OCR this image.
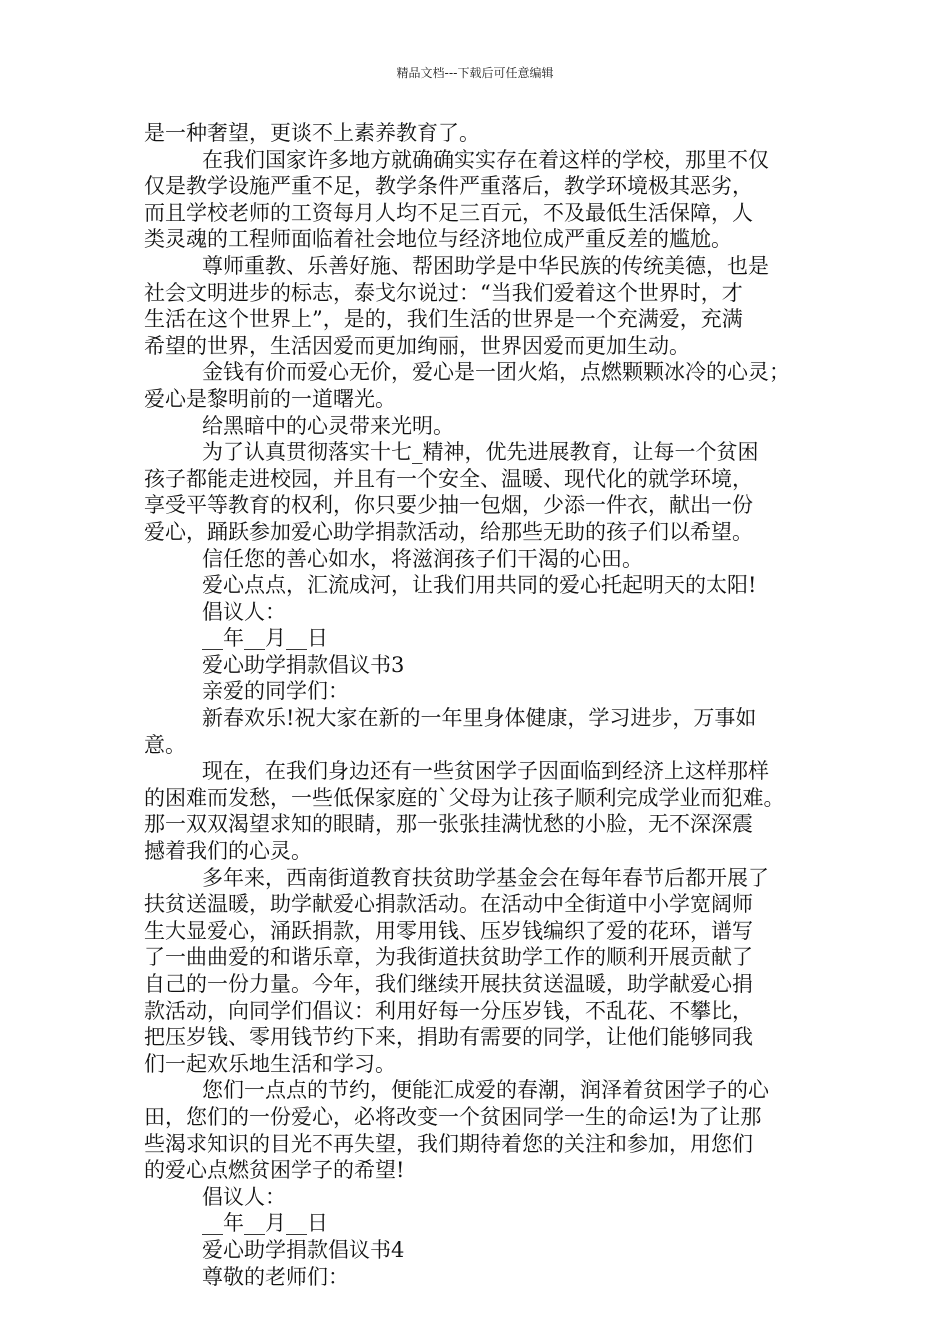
精品文档---下载后可任意编辑
是一种奢望，更谈不上素养教育了。
在我们国家许多地方就确确实实存在着这样的学校，那里不仅
仅是教学设施严重不足，教学条件严重落后，教学环境极其恶劣，
而且学校老师的工资每月人均不足三百元，不及最低生活保障，人
类灵魂的工程师面临着社会地位与经济地位成严重反差的尴尬。
尊师重教、乐善好施、帮困助学是中华民族的传统美德，也是
社会文明进步的标志，泰戈尔说过：“当我们爱着这个世界时，才
生活在这个世界上”，是的，我们生活的世界是一个充满爱，充满
希望的世界，生活因爱而更加绚丽，世界因爱而更加生动。
金钱有价而爱心无价，爱心是一团火焰，点燃颗颗冰冷的心灵；
爱心是黎明前的一道曙光。
给黑暗中的心灵带来光明。
为了认真贯彻落实十七_精神，优先进展教育，让每一个贫困
孩子都能走进校园，并且有一个安全、温暖、现代化的就学环境，
享受平等教育的权利，你只要少抽一包烟，少添一件衣，献出一份
爱心，踊跃参加爱心助学捐款活动，给那些无助的孩子们以希望。
信任您的善心如水，将滋润孩子们干渴的心田。
爱心点点，汇流成河，让我们用共同的爱心托起明天的太阳!
倡议人：
__年__月__日
爱心助学捐款倡议书3
亲爱的同学们：
新春欢乐!祝大家在新的一年里身体健康，学习进步，万事如
意。
现在，在我们身边还有一些贫困学子因面临到经济上这样那样
的困难而发愁，一些低保家庭的`父母为让孩子顺利完成学业而犯难。
那一双双渴望求知的眼睛，那一张张挂满忧愁的小脸，无不深深震
撼着我们的心灵。
多年来，西南街道教育扶贫助学基金会在每年春节后都开展了
扶贫送温暖，助学献爱心捐款活动。在活动中全街道中小学宽阔师
生大显爱心，涌跃捐款，用零用钱、压岁钱编织了爱的花环，谱写
了一曲曲爱的和谐乐章，为我街道扶贫助学工作的顺利开展贡献了
自己的一份力量。今年，我们继续开展扶贫送温暖，助学献爱心捐
款活动，向同学们倡议：利用好每一分压岁钱，不乱花、不攀比，
把压岁钱、零用钱节约下来，捐助有需要的同学，让他们能够同我
们一起欢乐地生活和学习。
您们一点点的节约，便能汇成爱的春潮，润泽着贫困学子的心
田，您们的一份爱心，必将改变一个贫困同学一生的命运!为了让那
些渴求知识的目光不再失望，我们期待着您的关注和参加，用您们
的爱心点燃贫困学子的希望!
倡议人：
__年__月__日
爱心助学捐款倡议书4
尊敬的老师们：
